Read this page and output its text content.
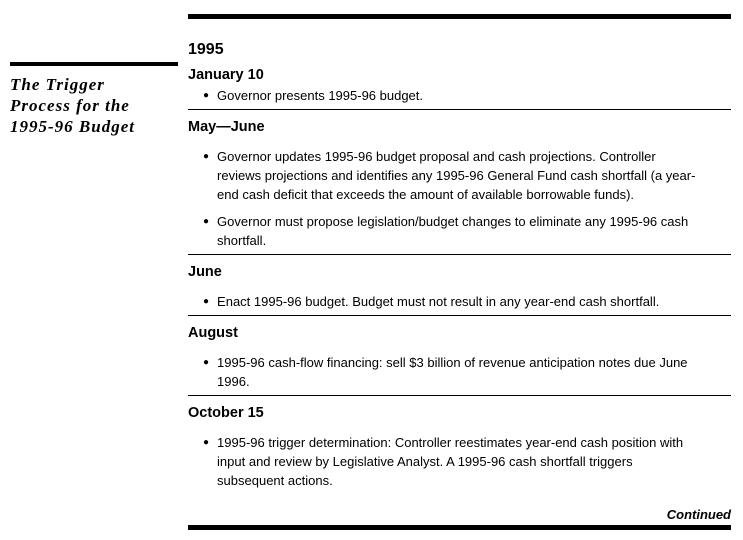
The Trigger
Process for the
1995-96 Budget
1995
January 10
● Governor presents 1995-96 budget.
May—June
● Governor updates 1995-96 budget proposal and cash projections. Controller reviews projections and identifies any 1995-96 General Fund cash shortfall (a year-end cash deficit that exceeds the amount of available borrowable funds).
● Governor must propose legislation/budget changes to eliminate any 1995-96 cash shortfall.
June
● Enact 1995-96 budget. Budget must not result in any year-end cash shortfall.
August
● 1995-96 cash-flow financing: sell $3 billion of revenue anticipation notes due June 1996.
October 15
● 1995-96 trigger determination: Controller reestimates year-end cash position with input and review by Legislative Analyst. A 1995-96 cash shortfall triggers subsequent actions.
Continued
